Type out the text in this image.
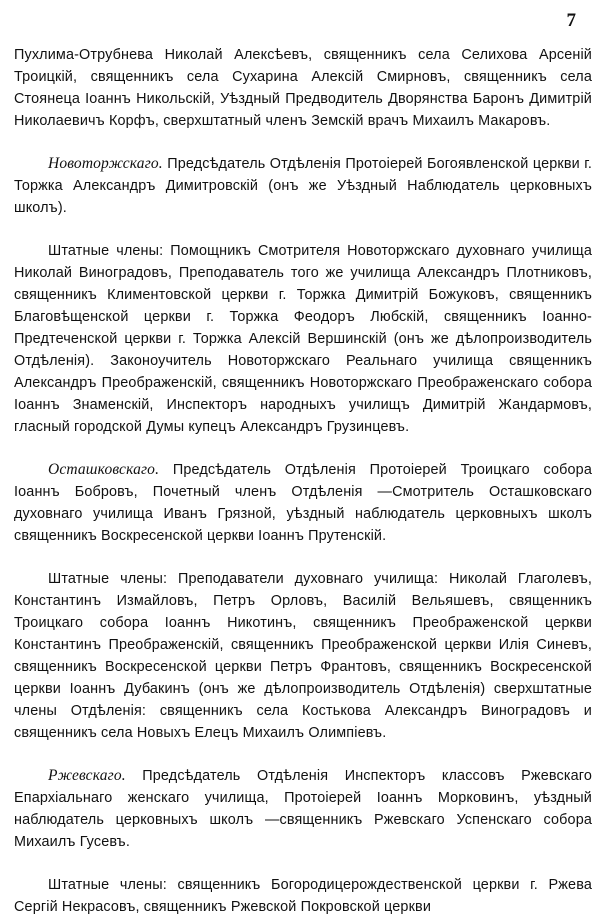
7

Пухлима-Отрубнева Николай Алексѣевъ, священникъ села Селихова Арсенiй Троицкiй, священникъ села Сухарина Алексiй Смирновъ, священникъ села Стоянеца Iоаннъ Никольскiй, Уѣздный Предводитель Дворянства Баронъ Димитрiй Николаевичъ Корфъ, сверхштатный членъ Земскiй врачъ Михаилъ Макаровъ.

Новоторжскаго. Предсѣдатель Отдѣленiя Протоiерей Богоявленской церкви г. Торжка Александръ Димитровскiй (онъ же Уѣздный Наблюдатель церковныхъ школъ).

Штатные члены: Помощникъ Смотрителя Новоторжскаго духовнаго училища Николай Виноградовъ, Преподаватель того же училища Александръ Плотниковъ, священникъ Климентовской церкви г. Торжка Димитрiй Божуковъ, священникъ Благовѣщенской церкви г. Торжка Феодоръ Любскiй, священникъ Iоанно-Предтеченской церкви г. Торжка Алексiй Вершинскiй (онъ же дѣлопроизводитель Отдѣленiя). Законоучитель Новоторжскаго Реальнаго училища священникъ Александръ Преображенскiй, священникъ Новоторжскаго Преображенскаго собора Iоаннъ Знаменскiй, Инспекторъ народныхъ училищъ Димитрiй Жандармовъ, гласный городской Думы купецъ Александръ Грузинцевъ.

Осташковскаго. Предсѣдатель Отдѣленiя Протоiерей Троицкаго собора Iоаннъ Бобровъ, Почетный членъ Отдѣленiя —Смотритель Осташковскаго духовнаго училища Иванъ Грязной, уѣздный наблюдатель церковныхъ школъ священникъ Воскресенской церкви Iоаннъ Прутенскiй.

Штатные члены: Преподаватели духовнаго училища: Николай Глаголевъ, Константинъ Измайловъ, Петръ Орловъ, Василiй Вельяшевъ, священникъ Троицкаго собора Iоаннъ Никотинъ, священникъ Преображенской церкви Константинъ Преображенскiй, священникъ Преображенской церкви Илiя Синевъ, священникъ Воскресенской церкви Петръ Франтовъ, священникъ Воскресенской церкви Iоаннъ Дубакинъ (онъ же дѣлопроизводитель Отдѣленiя) сверхштатные члены Отдѣленiя: священникъ села Костькова Александръ Виноградовъ и священникъ села Новыхъ Елецъ Михаилъ Олимпiевъ.

Ржевскаго. Предсѣдатель Отдѣленiя Инспекторъ классовъ Ржевскаго Епархiальнаго женскаго училища, Протоiерей Iоаннъ Морковинъ, уѣздный наблюдатель церковныхъ школъ —священникъ Ржевскаго Успенскаго собора Михаилъ Гусевъ.

Штатные члены: священникъ Богородицерождественской церкви г. Ржева Сергiй Некрасовъ, священникъ Ржевской Покровской церкви
